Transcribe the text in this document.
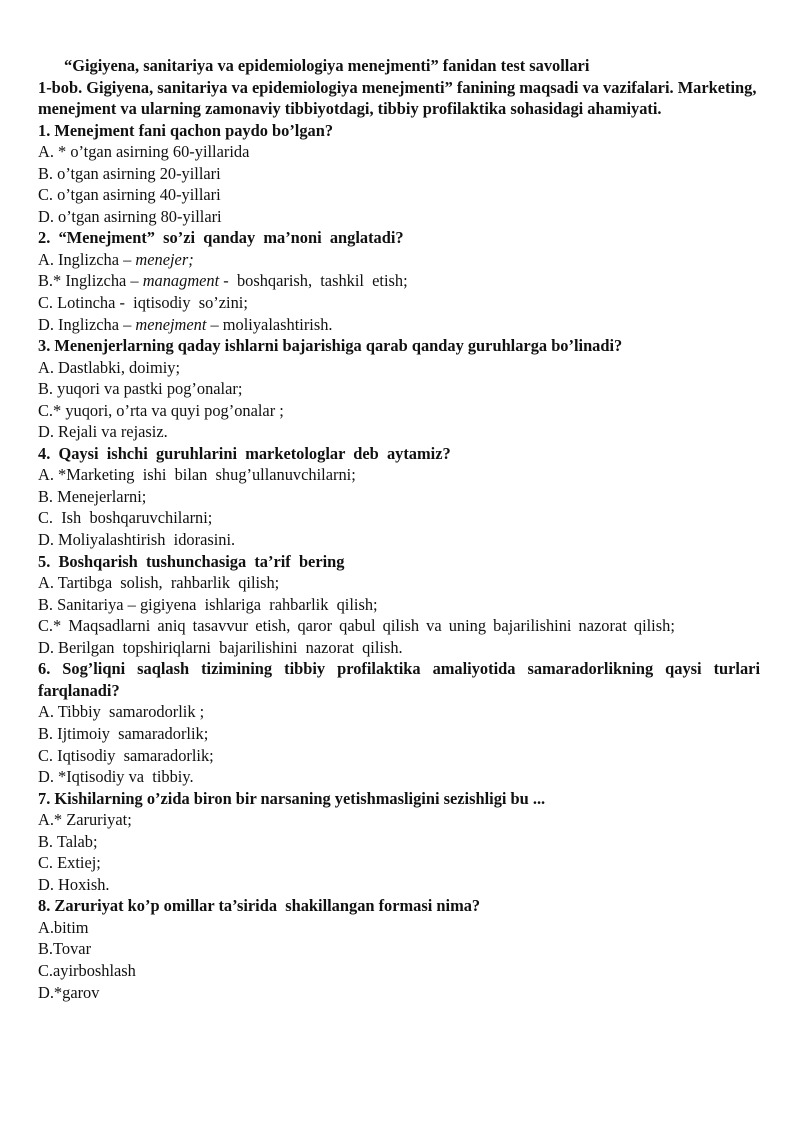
“Gigiyena, sanitariya va epidemiologiya menejmenti” fanidan test savollari
1-bob. Gigiyena, sanitariya va epidemiologiya menejmenti” fanining maqsadi va vazifalari. Marketing, menejment va ularning zamonaviy tibbiyotdagi, tibbiy profilaktika sohasidagi ahamiyati.
1. Menejment fani qachon paydo bo’lgan?
A. * o’tgan asirning 60-yillarida
B. o’tgan asirning 20-yillari
C. o’tgan asirning 40-yillari
D. o’tgan asirning 80-yillari
2.  “Menejment”  so’zi  qanday  ma’noni  anglatadi?
A. Inglizcha – menejer;
B.* Inglizcha – managment -  boshqarish,  tashkil  etish;
C. Lotincha -  iqtisodiy  so’zini;
D. Inglizcha – menejment – moliyalashtirish.
3. Menenjerlarning qaday ishlarni bajarishiga qarab qanday guruhlarga bo’linadi?
A. Dastlabki, doimiy;
B. yuqori va pastki pog’onalar;
C.* yuqori, o’rta va quyi pog’onalar ;
D. Rejali va rejasiz.
4.  Qaysi  ishchi  guruhlarini  marketologlar  deb  aytamiz?
A. *Marketing  ishi  bilan  shug’ullanuvchilarni;
B. Menejerlarni;
C.  Ish  boshqaruvchilarni;
D. Moliyalashtirish  idorasini.
5.  Boshqarish  tushunchasiga  ta’rif  bering
A. Tartibga  solish,  rahbarlik  qilish;
B. Sanitariya – gigiyena  ishlariga  rahbarlik  qilish;
C.* Maqsadlarni aniq tasavvur etish, qaror qabul qilish va uning bajarilishini nazorat qilish;
D. Berilgan  topshiriqlarni  bajarilishini  nazorat  qilish.
6. Sog’liqni saqlash tizimining tibbiy profilaktika amaliyotida samaradorlikning qaysi turlari farqlanadi?
A. Tibbiy  samarodorlik ;
B. Ijtimoiy  samaradorlik;
C. Iqtisodiy  samaradorlik;
D. *Iqtisodiy va  tibbiy.
7. Kishilarning o’zida biron bir narsaning yetishmasligini sezishligi bu ...
A.* Zaruriyat;
B. Talab;
C. Extiej;
D. Hoxish.
8. Zaruriyat ko’p omillar ta’sirida  shakillangan formasi nima?
A.bitim
B.Tovar
C.ayirboshlash
D.*garov
